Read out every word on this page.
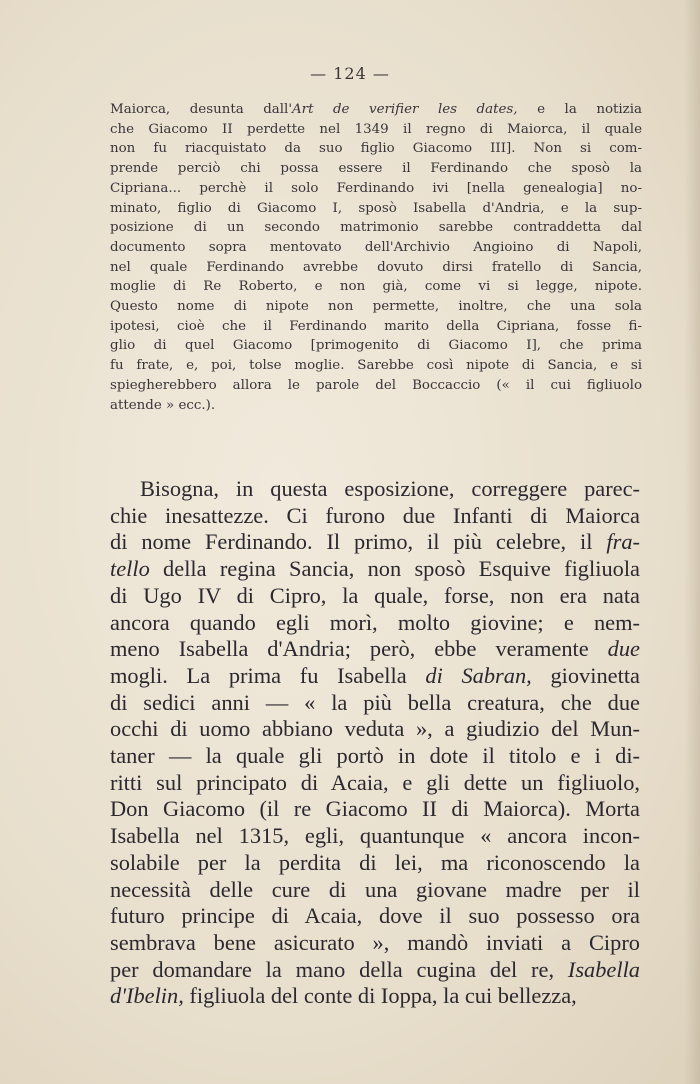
— 124 —
Maiorca, desunta dall'Art de verifier les dates, e la notizia
che Giacomo II perdette nel 1349 il regno di Maiorca, il quale
non fu riacquistato da suo figlio Giacomo III]. Non si com-
prende perciò chi possa essere il Ferdinando che sposò la
Cipriana... perchè il solo Ferdinando ivi [nella genealogia] no-
minato, figlio di Giacomo I, sposò Isabella d'Andria, e la sup-
posizione di un secondo matrimonio sarebbe contraddetta dal
documento sopra mentovato dell'Archivio Angioino di Napoli,
nel quale Ferdinando avrebbe dovuto dirsi fratello di Sancia,
moglie di Re Roberto, e non già, come vi si legge, nipote.
Questo nome di nipote non permette, inoltre, che una sola
ipotesi, cioè che il Ferdinando marito della Cipriana, fosse fi-
glio di quel Giacomo [primogenito di Giacomo I], che prima
fu frate, e, poi, tolse moglie. Sarebbe così nipote di Sancia, e si
spiegherebbero allora le parole del Boccaccio (« il cui figliuolo
attende » ecc.).
Bisogna, in questa esposizione, correggere parec-
chie inesattezze. Ci furono due Infanti di Maiorca
di nome Ferdinando. Il primo, il più celebre, il fra-
tello della regina Sancia, non sposò Esquive figliuola
di Ugo IV di Cipro, la quale, forse, non era nata
ancora quando egli morì, molto giovine; e nem-
meno Isabella d'Andria; però, ebbe veramente due
mogli. La prima fu Isabella di Sabran, giovinetta
di sedici anni — « la più bella creatura, che due
occhi di uomo abbiano veduta », a giudizio del Mun-
taner — la quale gli portò in dote il titolo e i di-
ritti sul principato di Acaia, e gli dette un figliuolo,
Don Giacomo (il re Giacomo II di Maiorca). Morta
Isabella nel 1315, egli, quantunque « ancora incon-
solabile per la perdita di lei, ma riconoscendo la
necessità delle cure di una giovane madre per il
futuro principe di Acaia, dove il suo possesso ora
sembrava bene asicurato », mandò inviati a Cipro
per domandare la mano della cugina del re, Isabella
d'Ibelin, figliuola del conte di Ioppa, la cui bellezza,
